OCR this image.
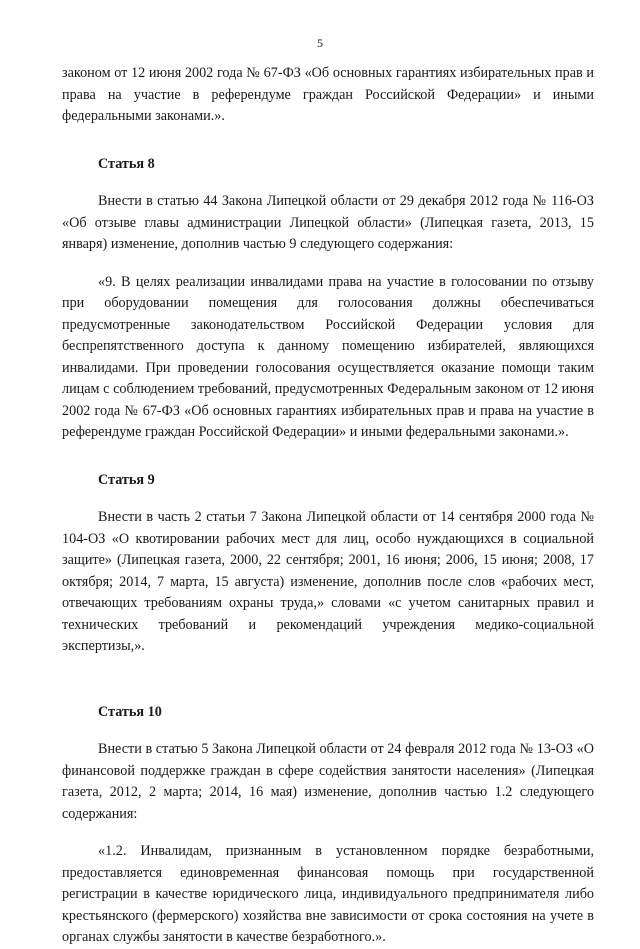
5

законом от 12 июня 2002 года № 67-ФЗ «Об основных гарантиях избирательных прав и права на участие в референдуме граждан Российской Федерации» и иными федеральными законами.».

Статья 8

Внести в статью 44 Закона Липецкой области от 29 декабря 2012 года № 116-ОЗ «Об отзыве главы администрации Липецкой области» (Липецкая газета, 2013, 15 января) изменение, дополнив частью 9 следующего содержания:

«9. В целях реализации инвалидами права на участие в голосовании по отзыву при оборудовании помещения для голосования должны обеспечиваться предусмотренные законодательством Российской Федерации условия для беспрепятственного доступа к данному помещению избирателей, являющихся инвалидами. При проведении голосования осуществляется оказание помощи таким лицам с соблюдением требований, предусмотренных Федеральным законом от 12 июня 2002 года № 67-ФЗ «Об основных гарантиях избирательных прав и права на участие в референдуме граждан Российской Федерации» и иными федеральными законами.».

Статья 9

Внести в часть 2 статьи 7 Закона Липецкой области от 14 сентября 2000 года № 104-ОЗ «О квотировании рабочих мест для лиц, особо нуждающихся в социальной защите» (Липецкая газета, 2000, 22 сентября; 2001, 16 июня; 2006, 15 июня; 2008, 17 октября; 2014, 7 марта, 15 августа) изменение, дополнив после слов «рабочих мест, отвечающих требованиям охраны труда,» словами «с учетом санитарных правил и технических требований и рекомендаций учреждения медико-социальной экспертизы,».

Статья 10

Внести в статью 5 Закона Липецкой области от 24 февраля 2012 года № 13-ОЗ «О финансовой поддержке граждан в сфере содействия занятости населения» (Липецкая газета, 2012, 2 марта; 2014, 16 мая) изменение, дополнив частью 1.2 следующего содержания:

«1.2. Инвалидам, признанным в установленном порядке безработными, предоставляется единовременная финансовая помощь при государственной регистрации в качестве юридического лица, индивидуального предпринимателя либо крестьянского (фермерского) хозяйства вне зависимости от срока состояния на учете в органах службы занятости в качестве безработного.».
